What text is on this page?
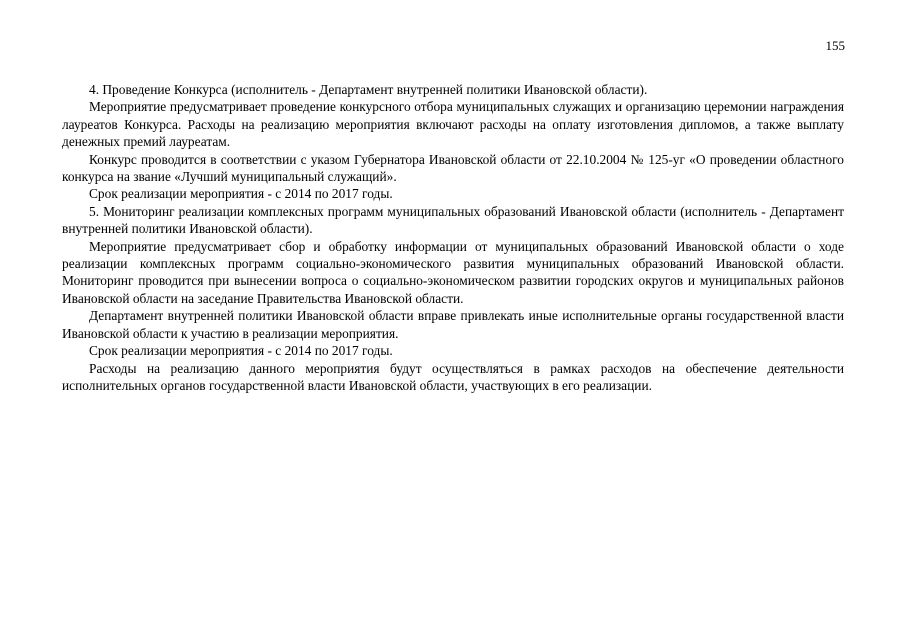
155

4. Проведение Конкурса (исполнитель - Департамент внутренней политики Ивановской области).

Мероприятие предусматривает проведение конкурсного отбора муниципальных служащих и организацию церемонии награждения лауреатов Конкурса. Расходы на реализацию мероприятия включают расходы на оплату изготовления дипломов, а также выплату денежных премий лауреатам.

Конкурс проводится в соответствии с указом Губернатора Ивановской области от 22.10.2004 № 125-уг «О проведении областного конкурса на звание «Лучший муниципальный служащий».

Срок реализации мероприятия - с 2014 по 2017 годы.

5. Мониторинг реализации комплексных программ муниципальных образований Ивановской области (исполнитель - Департамент внутренней политики Ивановской области).

Мероприятие предусматривает сбор и обработку информации от муниципальных образований Ивановской области о ходе реализации комплексных программ социально-экономического развития муниципальных образований Ивановской области. Мониторинг проводится при вынесении вопроса о социально-экономическом развитии городских округов и муниципальных районов Ивановской области на заседание Правительства Ивановской области.

Департамент внутренней политики Ивановской области вправе привлекать иные исполнительные органы государственной власти Ивановской области к участию в реализации мероприятия.

Срок реализации мероприятия - с 2014 по 2017 годы.

Расходы на реализацию данного мероприятия будут осуществляться в рамках расходов на обеспечение деятельности исполнительных органов государственной власти Ивановской области, участвующих в его реализации.
